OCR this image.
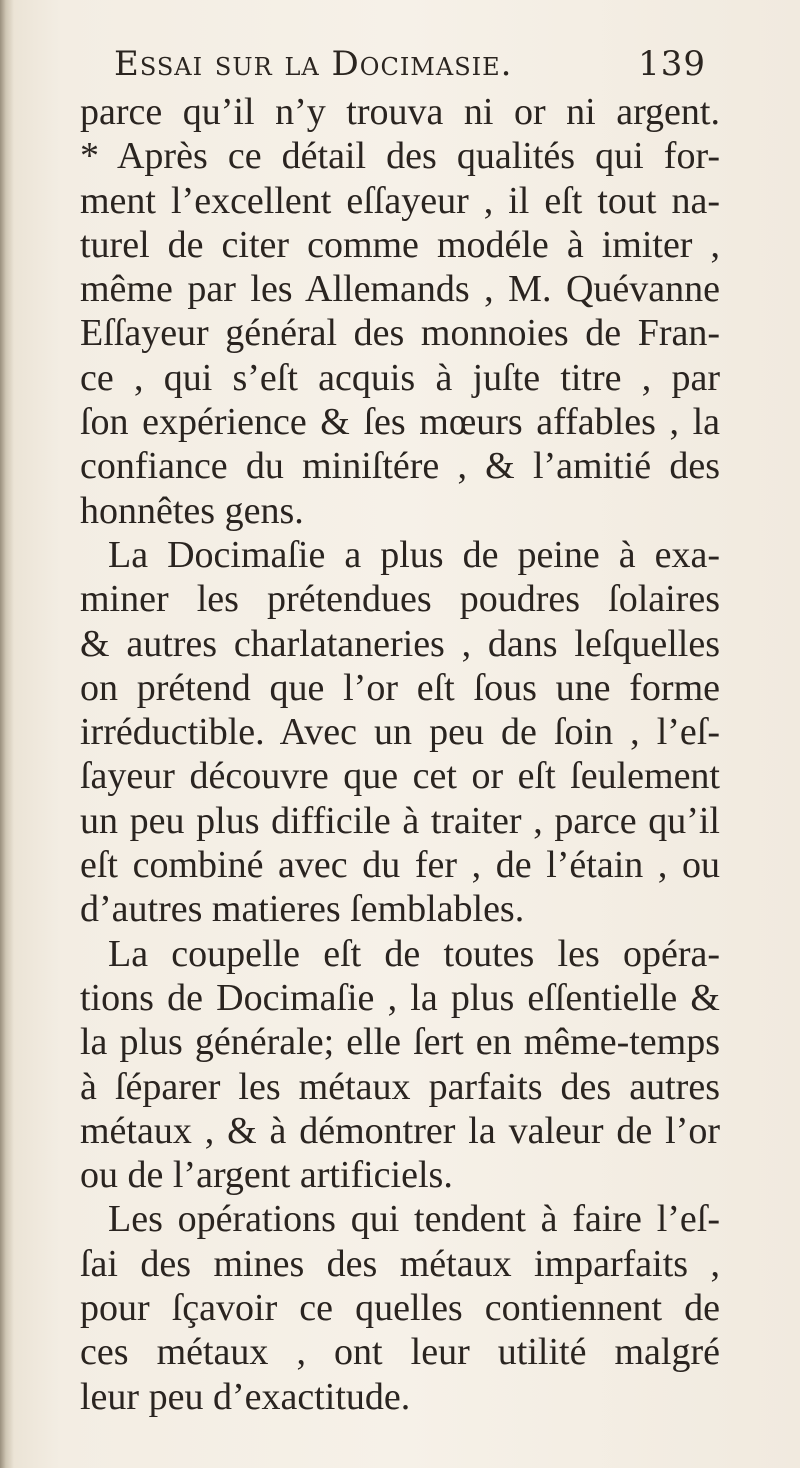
Essai sur la Docimasie.	139
parce qu’il n’y trouva ni or ni argent.
* Après ce détail des qualités qui for-
ment l’excellent eſſayeur , il eſt tout na-
turel de citer comme modéle à imiter ,
même par les Allemands , M. Quévanne
Eſſayeur général des monnoies de Fran-
ce , qui s’eſt acquis à juſte titre , par
ſon expérience & ſes mœurs affables , la
confiance du miniſtére , & l’amitié des
honnêtes gens.
La Docimaſie a plus de peine à exa-
miner les prétendues poudres ſolaires
& autres charlataneries , dans leſquelles
on prétend que l’or eſt ſous une forme
irréductible. Avec un peu de ſoin , l’eſ-
ſayeur découvre que cet or eſt ſeulement
un peu plus difficile à traiter , parce qu’il
eſt combiné avec du fer , de l’étain , ou
d’autres matieres ſemblables.
La coupelle eſt de toutes les opéra-
tions de Docimaſie , la plus eſſentielle &
la plus générale; elle ſert en même-temps
à ſéparer les métaux parfaits des autres
métaux , & à démontrer la valeur de l’or
ou de l’argent artificiels.
Les opérations qui tendent à faire l’eſ-
ſai des mines des métaux imparfaits ,
pour ſçavoir ce quelles contiennent de
ces métaux , ont leur utilité malgré
leur peu d’exactitude.
